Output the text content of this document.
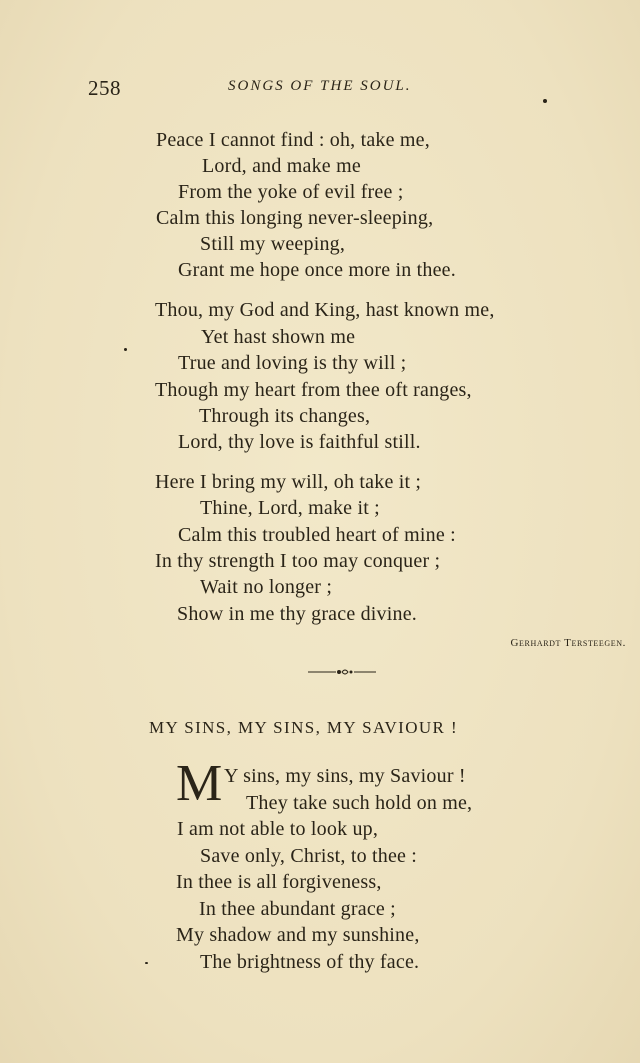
258	SONGS OF THE SOUL.
Peace I cannot find : oh, take me,
Lord, and make me
From the yoke of evil free ;
Calm this longing never-sleeping,
Still my weeping,
Grant me hope once more in thee.
Thou, my God and King, hast known me,
Yet hast shown me
True and loving is thy will ;
Though my heart from thee oft ranges,
Through its changes,
Lord, thy love is faithful still.
Here I bring my will, oh take it ;
Thine, Lord, make it ;
Calm this troubled heart of mine :
In thy strength I too may conquer ;
Wait no longer ;
Show in me thy grace divine.
Gerhardt Tersteegen.
MY SINS, MY SINS, MY SAVIOUR !
M Y sins, my sins, my Saviour !
They take such hold on me,
I am not able to look up,
Save only, Christ, to thee :
In thee is all forgiveness,
In thee abundant grace ;
My shadow and my sunshine,
The brightness of thy face.
